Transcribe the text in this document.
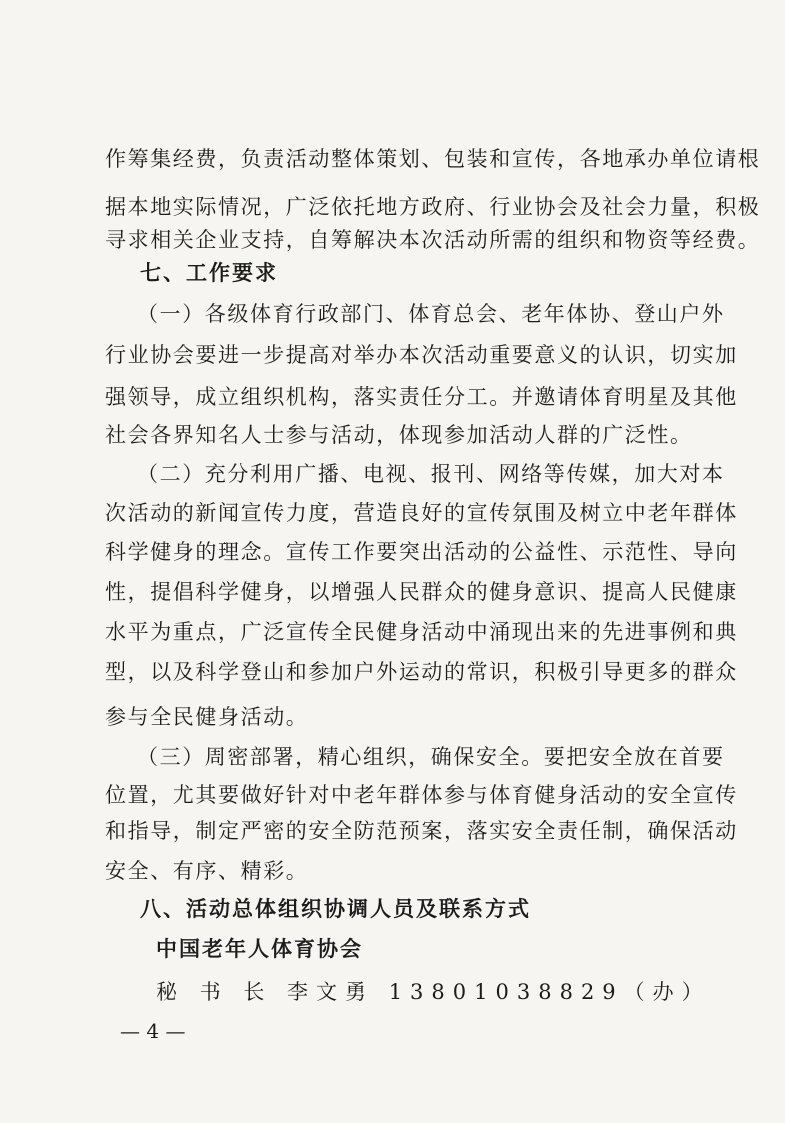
作筹集经费，负责活动整体策划、包装和宣传，各地承办单位请根
据本地实际情况，广泛依托地方政府、行业协会及社会力量，积极
寻求相关企业支持，自筹解决本次活动所需的组织和物资等经费。
七、工作要求
（一）各级体育行政部门、体育总会、老年体协、登山户外
行业协会要进一步提高对举办本次活动重要意义的认识，切实加
强领导，成立组织机构，落实责任分工。并邀请体育明星及其他
社会各界知名人士参与活动，体现参加活动人群的广泛性。
（二）充分利用广播、电视、报刊、网络等传媒，加大对本
次活动的新闻宣传力度，营造良好的宣传氛围及树立中老年群体
科学健身的理念。宣传工作要突出活动的公益性、示范性、导向
性，提倡科学健身，以增强人民群众的健身意识、提高人民健康
水平为重点，广泛宣传全民健身活动中涌现出来的先进事例和典
型，以及科学登山和参加户外运动的常识，积极引导更多的群众
参与全民健身活动。
（三）周密部署，精心组织，确保安全。要把安全放在首要
位置，尤其要做好针对中老年群体参与体育健身活动的安全宣传
和指导，制定严密的安全防范预案，落实安全责任制，确保活动
安全、有序、精彩。
八、活动总体组织协调人员及联系方式
中国老年人体育协会
秘 书 长 李文勇 13801038829（办）
— 4 —
